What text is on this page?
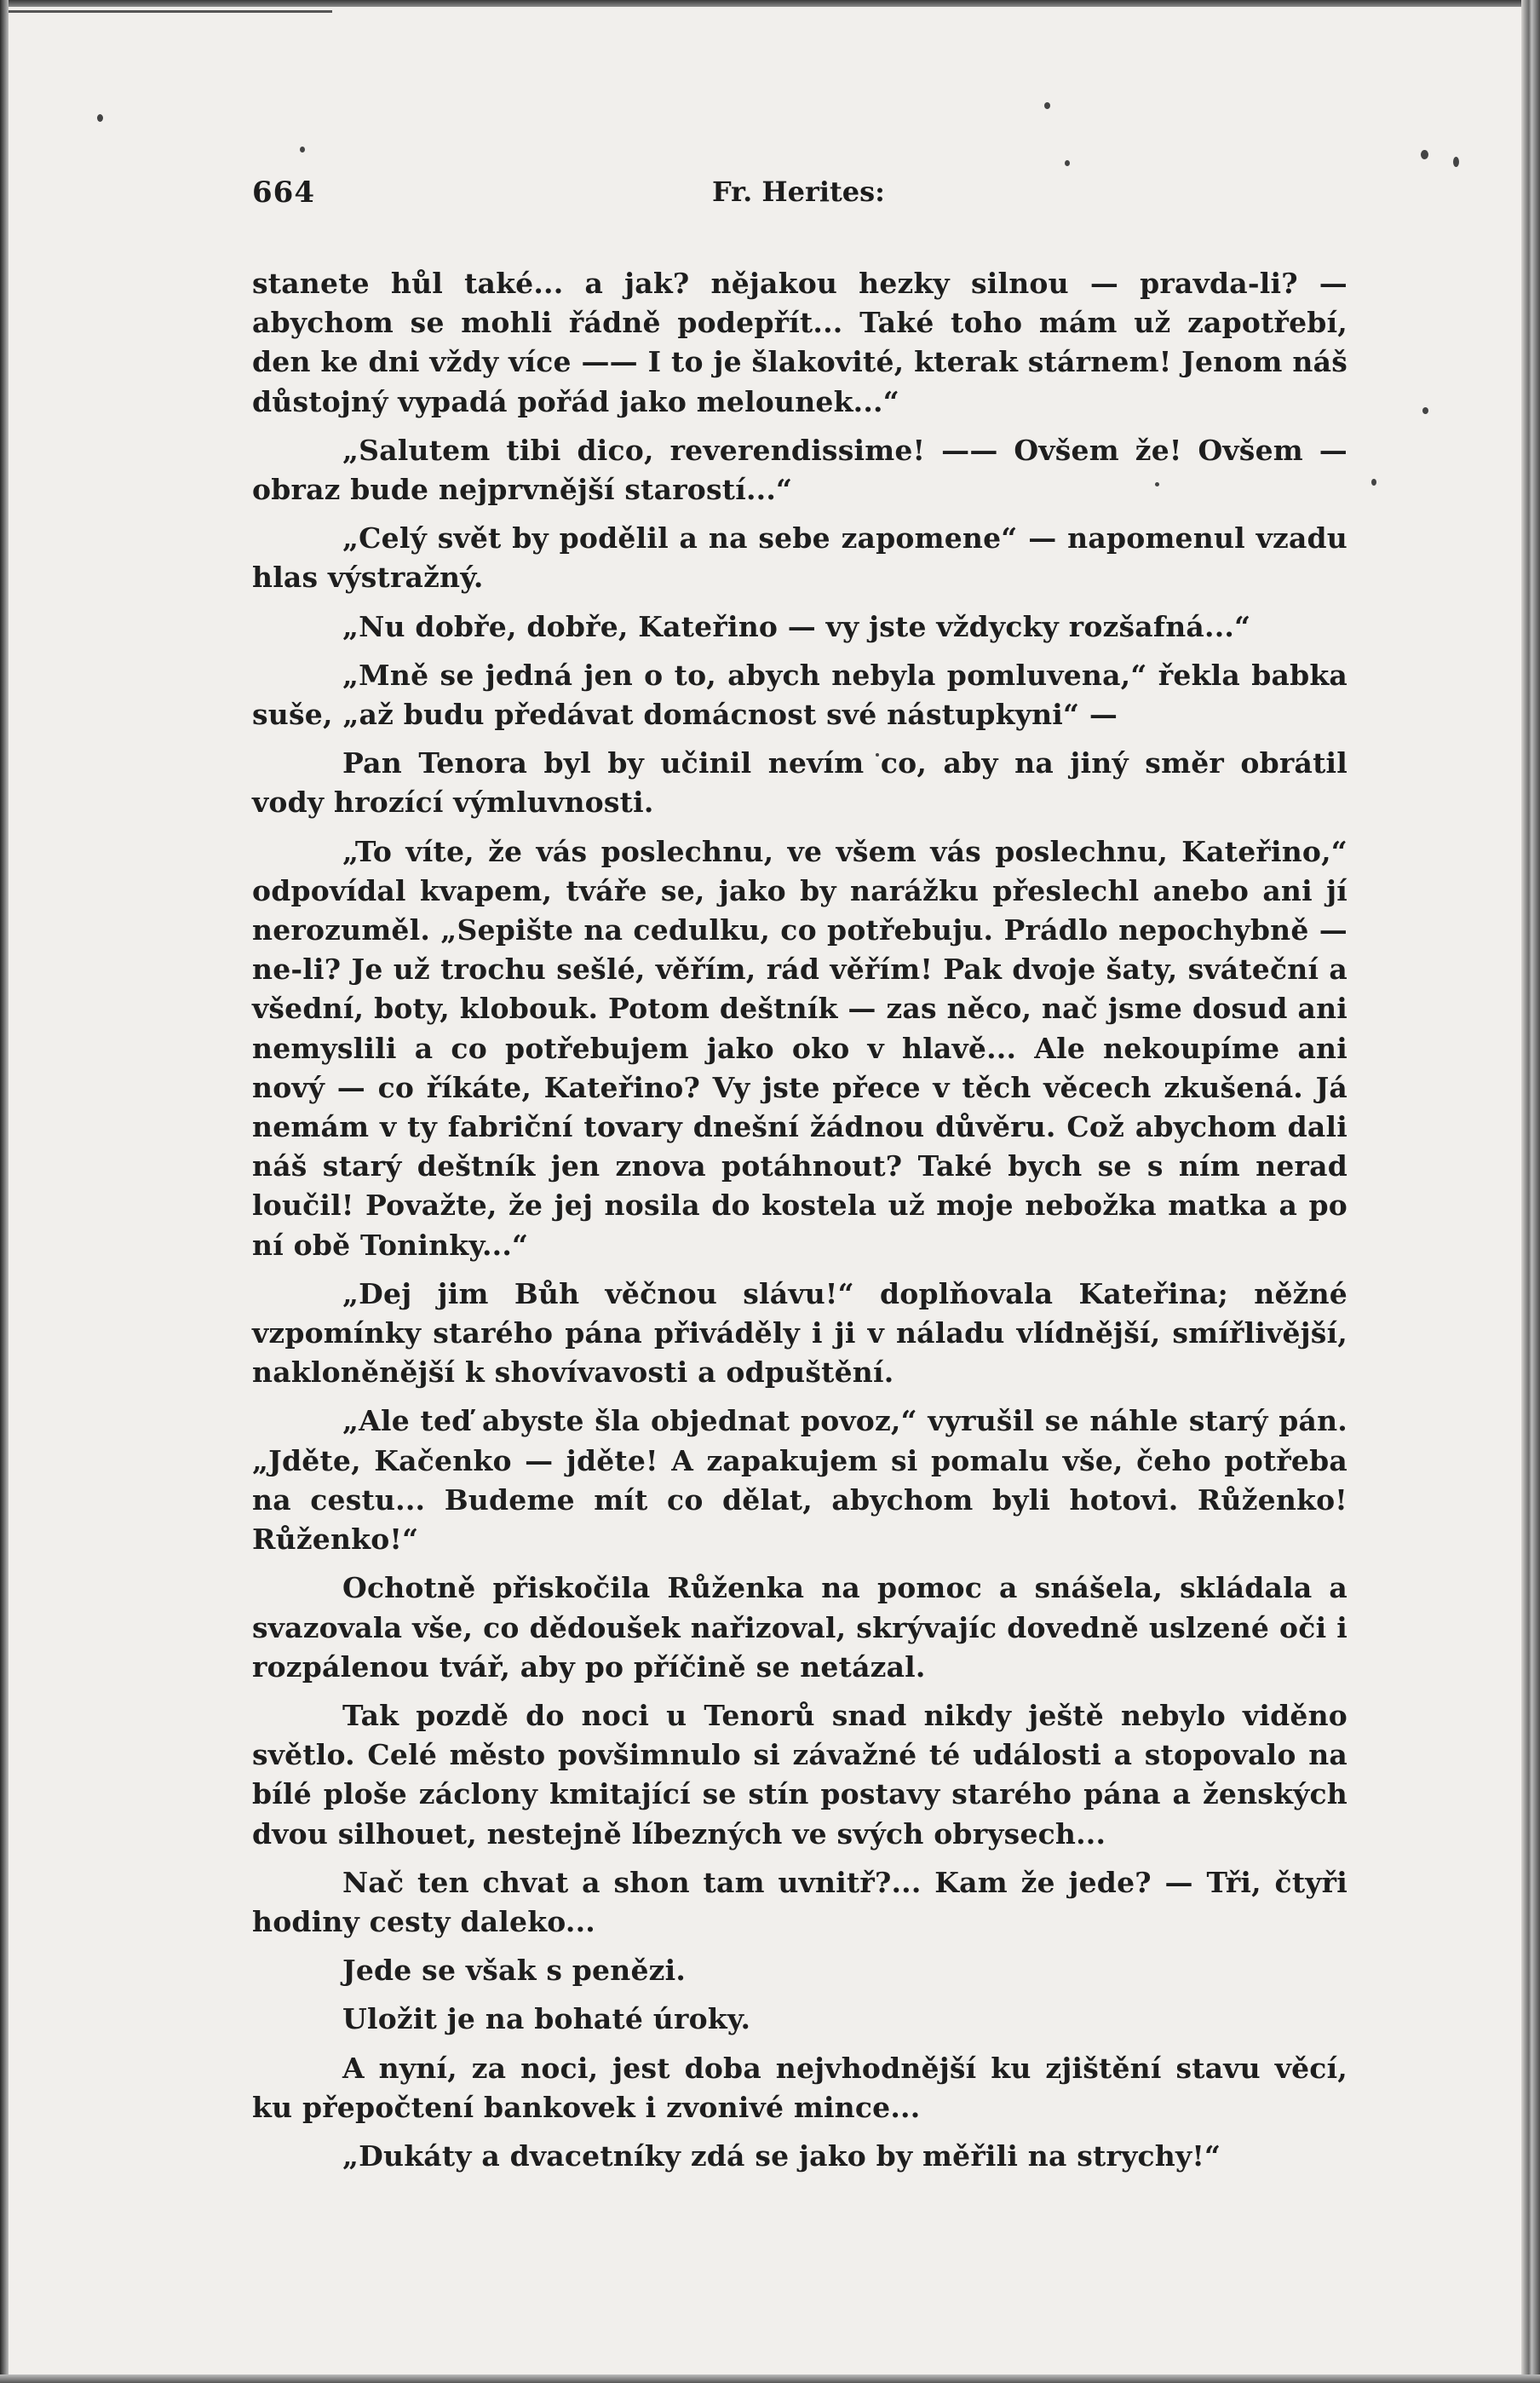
664	Fr. Herites:

stanete hůl také... a jak? nějakou hezky silnou — pravda-li? — abychom se mohli řádně podepřít... Také toho mám už zapotřebí, den ke dni vždy více —— I to je šlakovité, kterak stárnem! Jenom náš důstojný vypadá pořád jako melounek...“

„Salutem tibi dico, reverendissime! —— Ovšem že! Ovšem — obraz bude nejprvnější starostí...“

„Celý svět by podělil a na sebe zapomene“ — napomenul vzadu hlas výstražný.

„Nu dobře, dobře, Kateřino — vy jste vždycky rozšafná...“

„Mně se jedná jen o to, abych nebyla pomluvena,“ řekla babka suše, „až budu předávat domácnost své nástupkyni“ —

Pan Tenora byl by učinil nevím co, aby na jiný směr obrátil vody hrozící výmluvnosti.

„To víte, že vás poslechnu, ve všem vás poslechnu, Kateřino,“ odpovídal kvapem, tváře se, jako by narážku přeslechl anebo ani jí nerozuměl. „Sepište na cedulku, co potřebuju. Prádlo nepochybně — ne-li? Je už trochu sešlé, věřím, rád věřím! Pak dvoje šaty, sváteční a všední, boty, klobouk. Potom deštník — zas něco, nač jsme dosud ani nemyslili a co potřebujem jako oko v hlavě... Ale nekoupíme ani nový — co říkáte, Kateřino? Vy jste přece v těch věcech zkušená. Já nemám v ty fabriční tovary dnešní žádnou důvěru. Což abychom dali náš starý deštník jen znova potáhnout? Také bych se s ním nerad loučil! Považte, že jej nosila do kostela už moje nebožka matka a po ní obě Toninky...“

„Dej jim Bůh věčnou slávu!“ doplňovala Kateřina; něžné vzpomínky starého pána přiváděly i ji v náladu vlídnější, smířlivější, nakloněnější k shovívavosti a odpuštění.

„Ale teď abyste šla objednat povoz,“ vyrušil se náhle starý pán. „Jděte, Kačenko — jděte! A zapakujem si pomalu vše, čeho potřeba na cestu... Budeme mít co dělat, abychom byli hotovi. Růženko! Růženko!“

Ochotně přiskočila Růženka na pomoc a snášela, skládala a svazovala vše, co dědoušek nařizoval, skrývajíc dovedně uslzené oči i rozpálenou tvář, aby po příčině se netázal.

Tak pozdě do noci u Tenorů snad nikdy ještě nebylo viděno světlo. Celé město povšimnulo si závažné té události a stopovalo na bílé ploše záclony kmitající se stín postavy starého pána a ženských dvou silhouet, nestejně líbezných ve svých obrysech...

Nač ten chvat a shon tam uvnitř?... Kam že jede? — Tři, čtyři hodiny cesty daleko...

Jede se však s penězi.

Uložit je na bohaté úroky.

A nyní, za noci, jest doba nejvhodnější ku zjištění stavu věcí, ku přepočtení bankovek i zvonivé mince...

„Dukáty a dvacetníky zdá se jako by měřili na strychy!“
